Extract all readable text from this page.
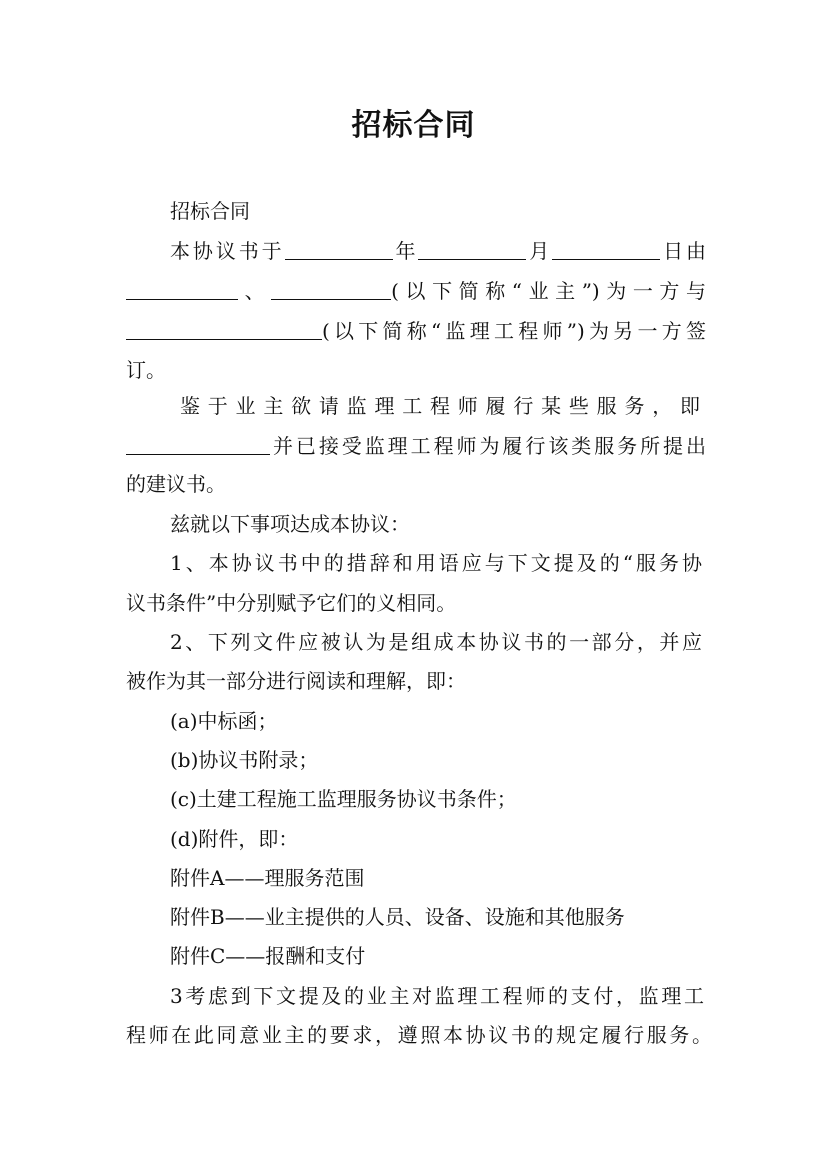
招标合同
招标合同
本协议书于	年	月	日由
、	(以下简称“业主”)为一方与
(以下简称“监理工程师”)为另一方签
订。
鉴于业主欲请监理工程师履行某些服务，即
并已接受监理工程师为履行该类服务所提出
的建议书。
兹就以下事项达成本协议：
1、本协议书中的措辞和用语应与下文提及的“服务协
议书条件”中分别赋予它们的义相同。
2、下列文件应被认为是组成本协议书的一部分，并应
被作为其一部分进行阅读和理解，即：
(a)中标函；
(b)协议书附录；
(c)土建工程施工监理服务协议书条件；
(d)附件，即：
附件A——理服务范围
附件B——业主提供的人员、设备、设施和其他服务
附件C——报酬和支付
3考虑到下文提及的业主对监理工程师的支付，监理工
程师在此同意业主的要求，遵照本协议书的规定履行服务。
